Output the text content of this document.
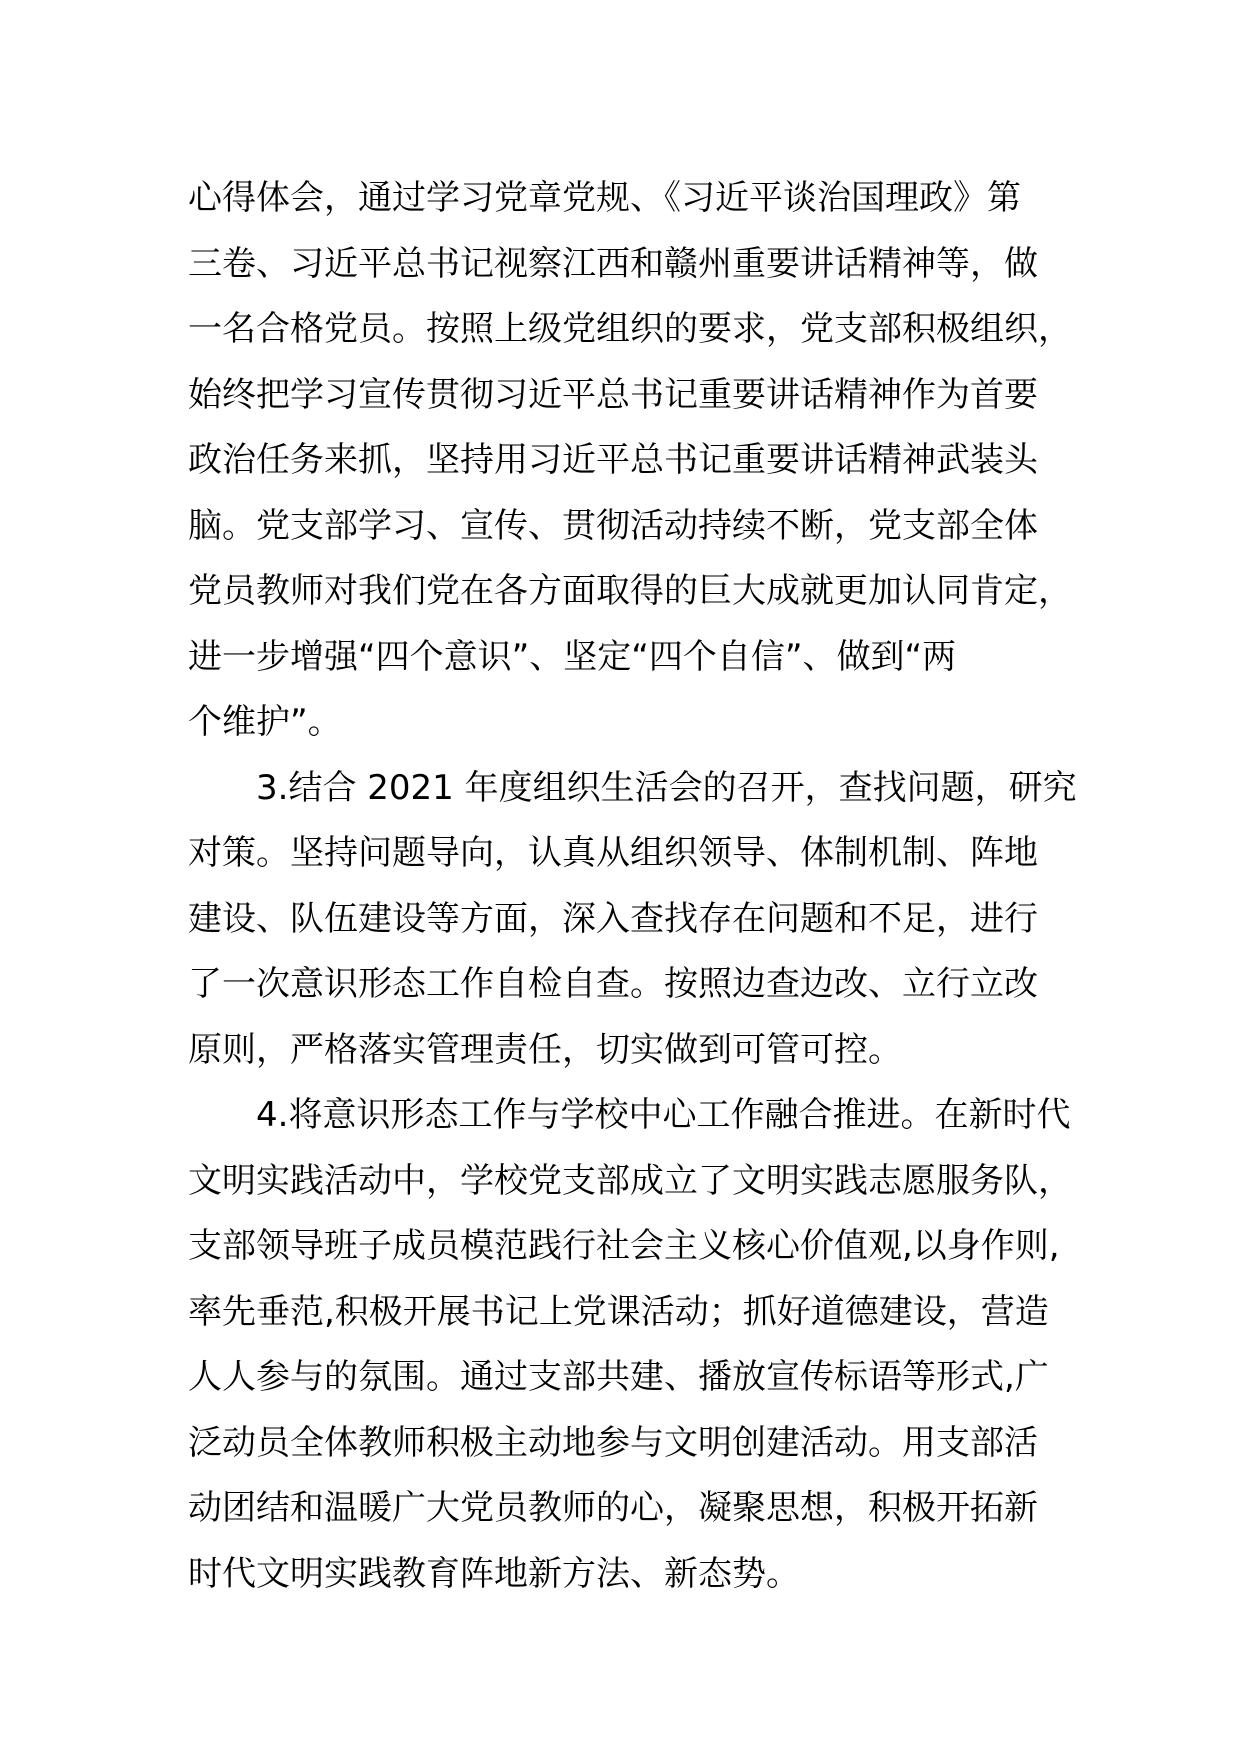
心得体会，通过学习党章党规、《习近平谈治国理政》第
三卷、习近平总书记视察江西和赣州重要讲话精神等，做
一名合格党员。按照上级党组织的要求，党支部积极组织，
始终把学习宣传贯彻习近平总书记重要讲话精神作为首要
政治任务来抓，坚持用习近平总书记重要讲话精神武装头
脑。党支部学习、宣传、贯彻活动持续不断，党支部全体
党员教师对我们党在各方面取得的巨大成就更加认同肯定，
进一步增强“四个意识”、坚定“四个自信”、做到“两
个维护”。
3.结合 2021 年度组织生活会的召开，查找问题，研究
对策。坚持问题导向，认真从组织领导、体制机制、阵地
建设、队伍建设等方面，深入查找存在问题和不足，进行
了一次意识形态工作自检自查。按照边查边改、立行立改
原则，严格落实管理责任，切实做到可管可控。
4.将意识形态工作与学校中心工作融合推进。在新时代
文明实践活动中，学校党支部成立了文明实践志愿服务队，
支部领导班子成员模范践行社会主义核心价值观,以身作则,
率先垂范,积极开展书记上党课活动；抓好道德建设，营造
人人参与的氛围。通过支部共建、播放宣传标语等形式,广
泛动员全体教师积极主动地参与文明创建活动。用支部活
动团结和温暖广大党员教师的心，凝聚思想，积极开拓新
时代文明实践教育阵地新方法、新态势。
